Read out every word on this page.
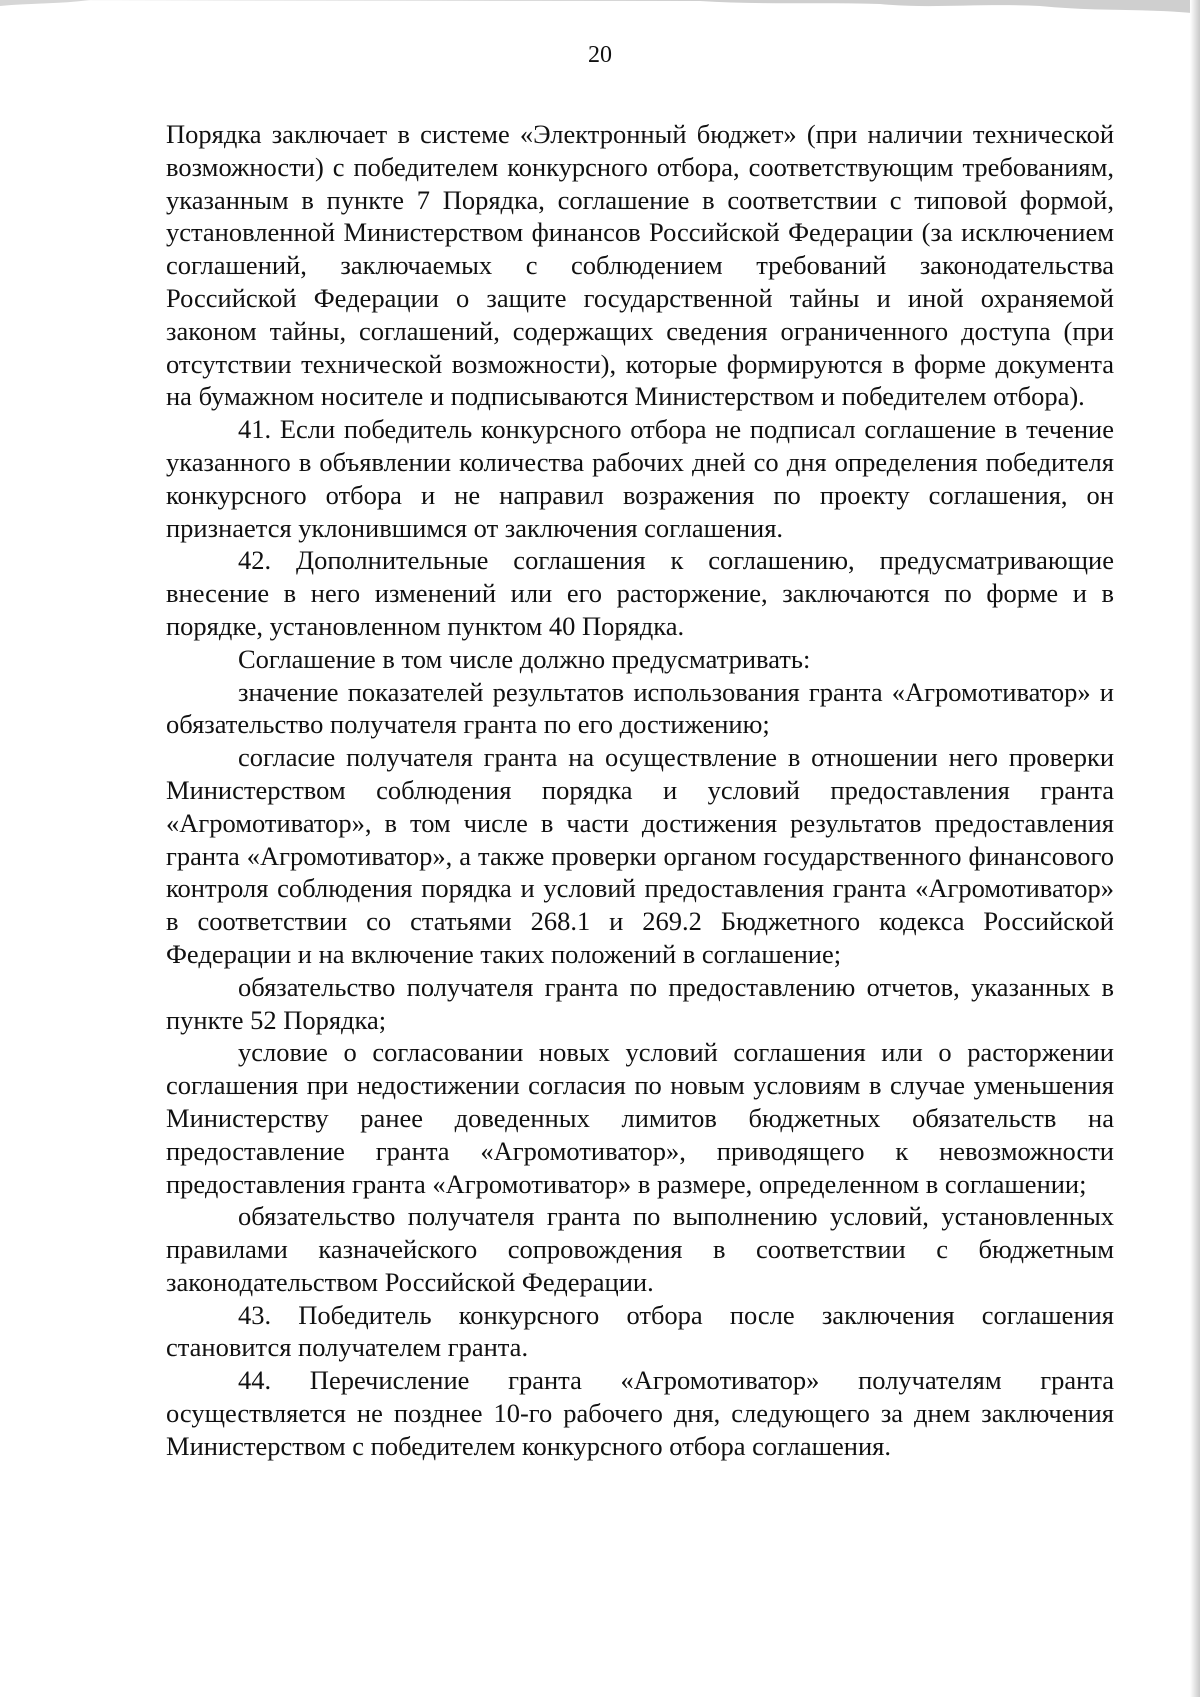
20

Порядка заключает в системе «Электронный бюджет» (при наличии технической возможности) с победителем конкурсного отбора, соответствующим требованиям, указанным в пункте 7 Порядка, соглашение в соответствии с типовой формой, установленной Министерством финансов Российской Федерации (за исключением соглашений, заключаемых с соблюдением требований законодательства Российской Федерации о защите государственной тайны и иной охраняемой законом тайны, соглашений, содержащих сведения ограниченного доступа (при отсутствии технической возможности), которые формируются в форме документа на бумажном носителе и подписываются Министерством и победителем отбора).

41. Если победитель конкурсного отбора не подписал соглашение в течение указанного в объявлении количества рабочих дней со дня определения победителя конкурсного отбора и не направил возражения по проекту соглашения, он признается уклонившимся от заключения соглашения.

42. Дополнительные соглашения к соглашению, предусматривающие внесение в него изменений или его расторжение, заключаются по форме и в порядке, установленном пунктом 40 Порядка.

Соглашение в том числе должно предусматривать:

значение показателей результатов использования гранта «Агромотиватор» и обязательство получателя гранта по его достижению;

согласие получателя гранта на осуществление в отношении него проверки Министерством соблюдения порядка и условий предоставления гранта «Агромотиватор», в том числе в части достижения результатов предоставления гранта «Агромотиватор», а также проверки органом государственного финансового контроля соблюдения порядка и условий предоставления гранта «Агромотиватор» в соответствии со статьями 268.1 и 269.2 Бюджетного кодекса Российской Федерации и на включение таких положений в соглашение;

обязательство получателя гранта по предоставлению отчетов, указанных в пункте 52 Порядка;

условие о согласовании новых условий соглашения или о расторжении соглашения при недостижении согласия по новым условиям в случае уменьшения Министерству ранее доведенных лимитов бюджетных обязательств на предоставление гранта «Агромотиватор», приводящего к невозможности предоставления гранта «Агромотиватор» в размере, определенном в соглашении;

обязательство получателя гранта по выполнению условий, установленных правилами казначейского сопровождения в соответствии с бюджетным законодательством Российской Федерации.

43. Победитель конкурсного отбора после заключения соглашения становится получателем гранта.

44. Перечисление гранта «Агромотиватор» получателям гранта осуществляется не позднее 10-го рабочего дня, следующего за днем заключения Министерством с победителем конкурсного отбора соглашения.
